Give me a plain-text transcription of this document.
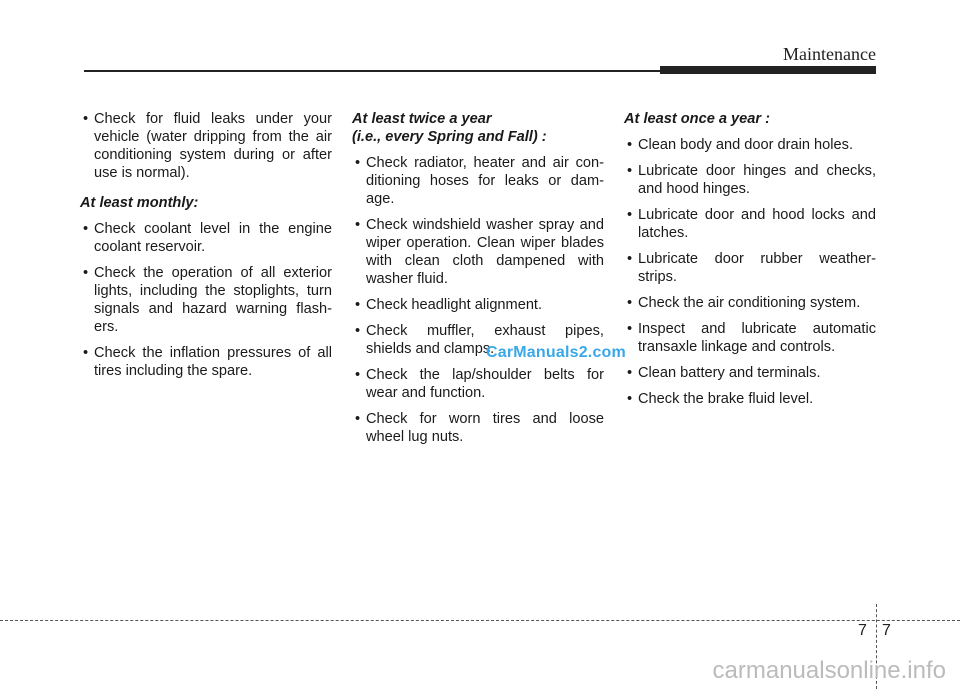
Maintenance
• Check for fluid leaks under your vehicle (water dripping from the air conditioning system during or after use is normal).
At least monthly:
• Check coolant level in the engine coolant reservoir.
• Check the operation of all exterior lights, including the stoplights, turn signals and hazard warning flash-ers.
• Check the inflation pressures of all tires including the spare.
At least twice a year
(i.e., every Spring and Fall) :
• Check radiator, heater and air con-ditioning hoses for leaks or dam-age.
• Check windshield washer spray and wiper operation. Clean wiper blades with clean cloth dampened with washer fluid.
• Check headlight alignment.
• Check muffler, exhaust pipes, shields and clamps.
• Check the lap/shoulder belts for wear and function.
• Check for worn tires and loose wheel lug nuts.
At least once a year :
• Clean body and door drain holes.
• Lubricate door hinges and checks, and hood hinges.
• Lubricate door and hood locks and latches.
• Lubricate door rubber weather-strips.
• Check the air conditioning system.
• Inspect and lubricate automatic transaxle linkage and controls.
• Clean battery and terminals.
• Check the brake fluid level.
CarManuals2.com
7 7
carmanualsonline.info
